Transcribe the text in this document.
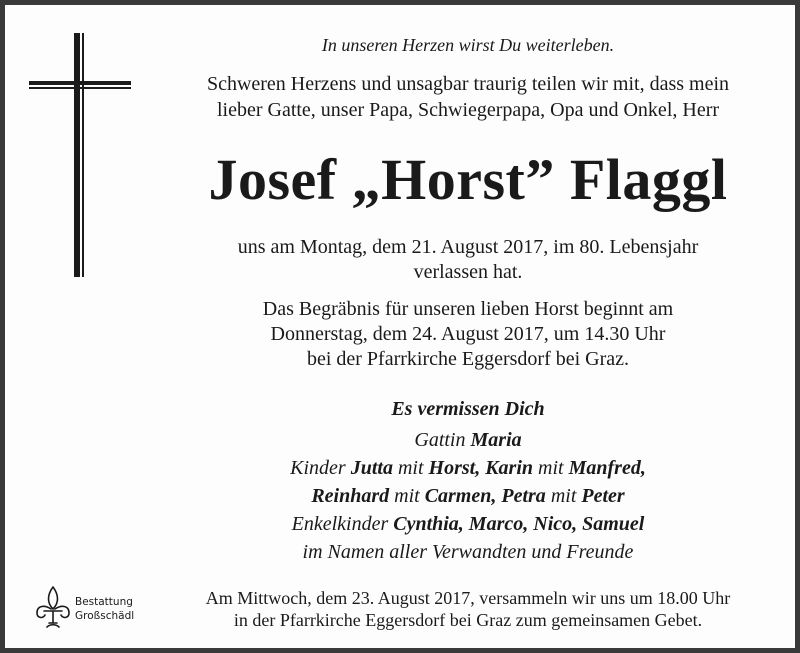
In unseren Herzen wirst Du weiterleben.
Schweren Herzens und unsagbar traurig teilen wir mit, dass mein
lieber Gatte, unser Papa, Schwiegerpapa, Opa und Onkel, Herr
Josef „Horst” Flaggl
uns am Montag, dem 21. August 2017, im 80. Lebensjahr
verlassen hat.
Das Begräbnis für unseren lieben Horst beginnt am
Donnerstag, dem 24. August 2017, um 14.30 Uhr
bei der Pfarrkirche Eggersdorf bei Graz.
Es vermissen Dich
Gattin Maria
Kinder Jutta mit Horst, Karin mit Manfred,
Reinhard mit Carmen, Petra mit Peter
Enkelkinder Cynthia, Marco, Nico, Samuel
im Namen aller Verwandten und Freunde
Bestattung
Großschädl
Am Mittwoch, dem 23. August 2017, versammeln wir uns um 18.00 Uhr
in der Pfarrkirche Eggersdorf bei Graz zum gemeinsamen Gebet.
